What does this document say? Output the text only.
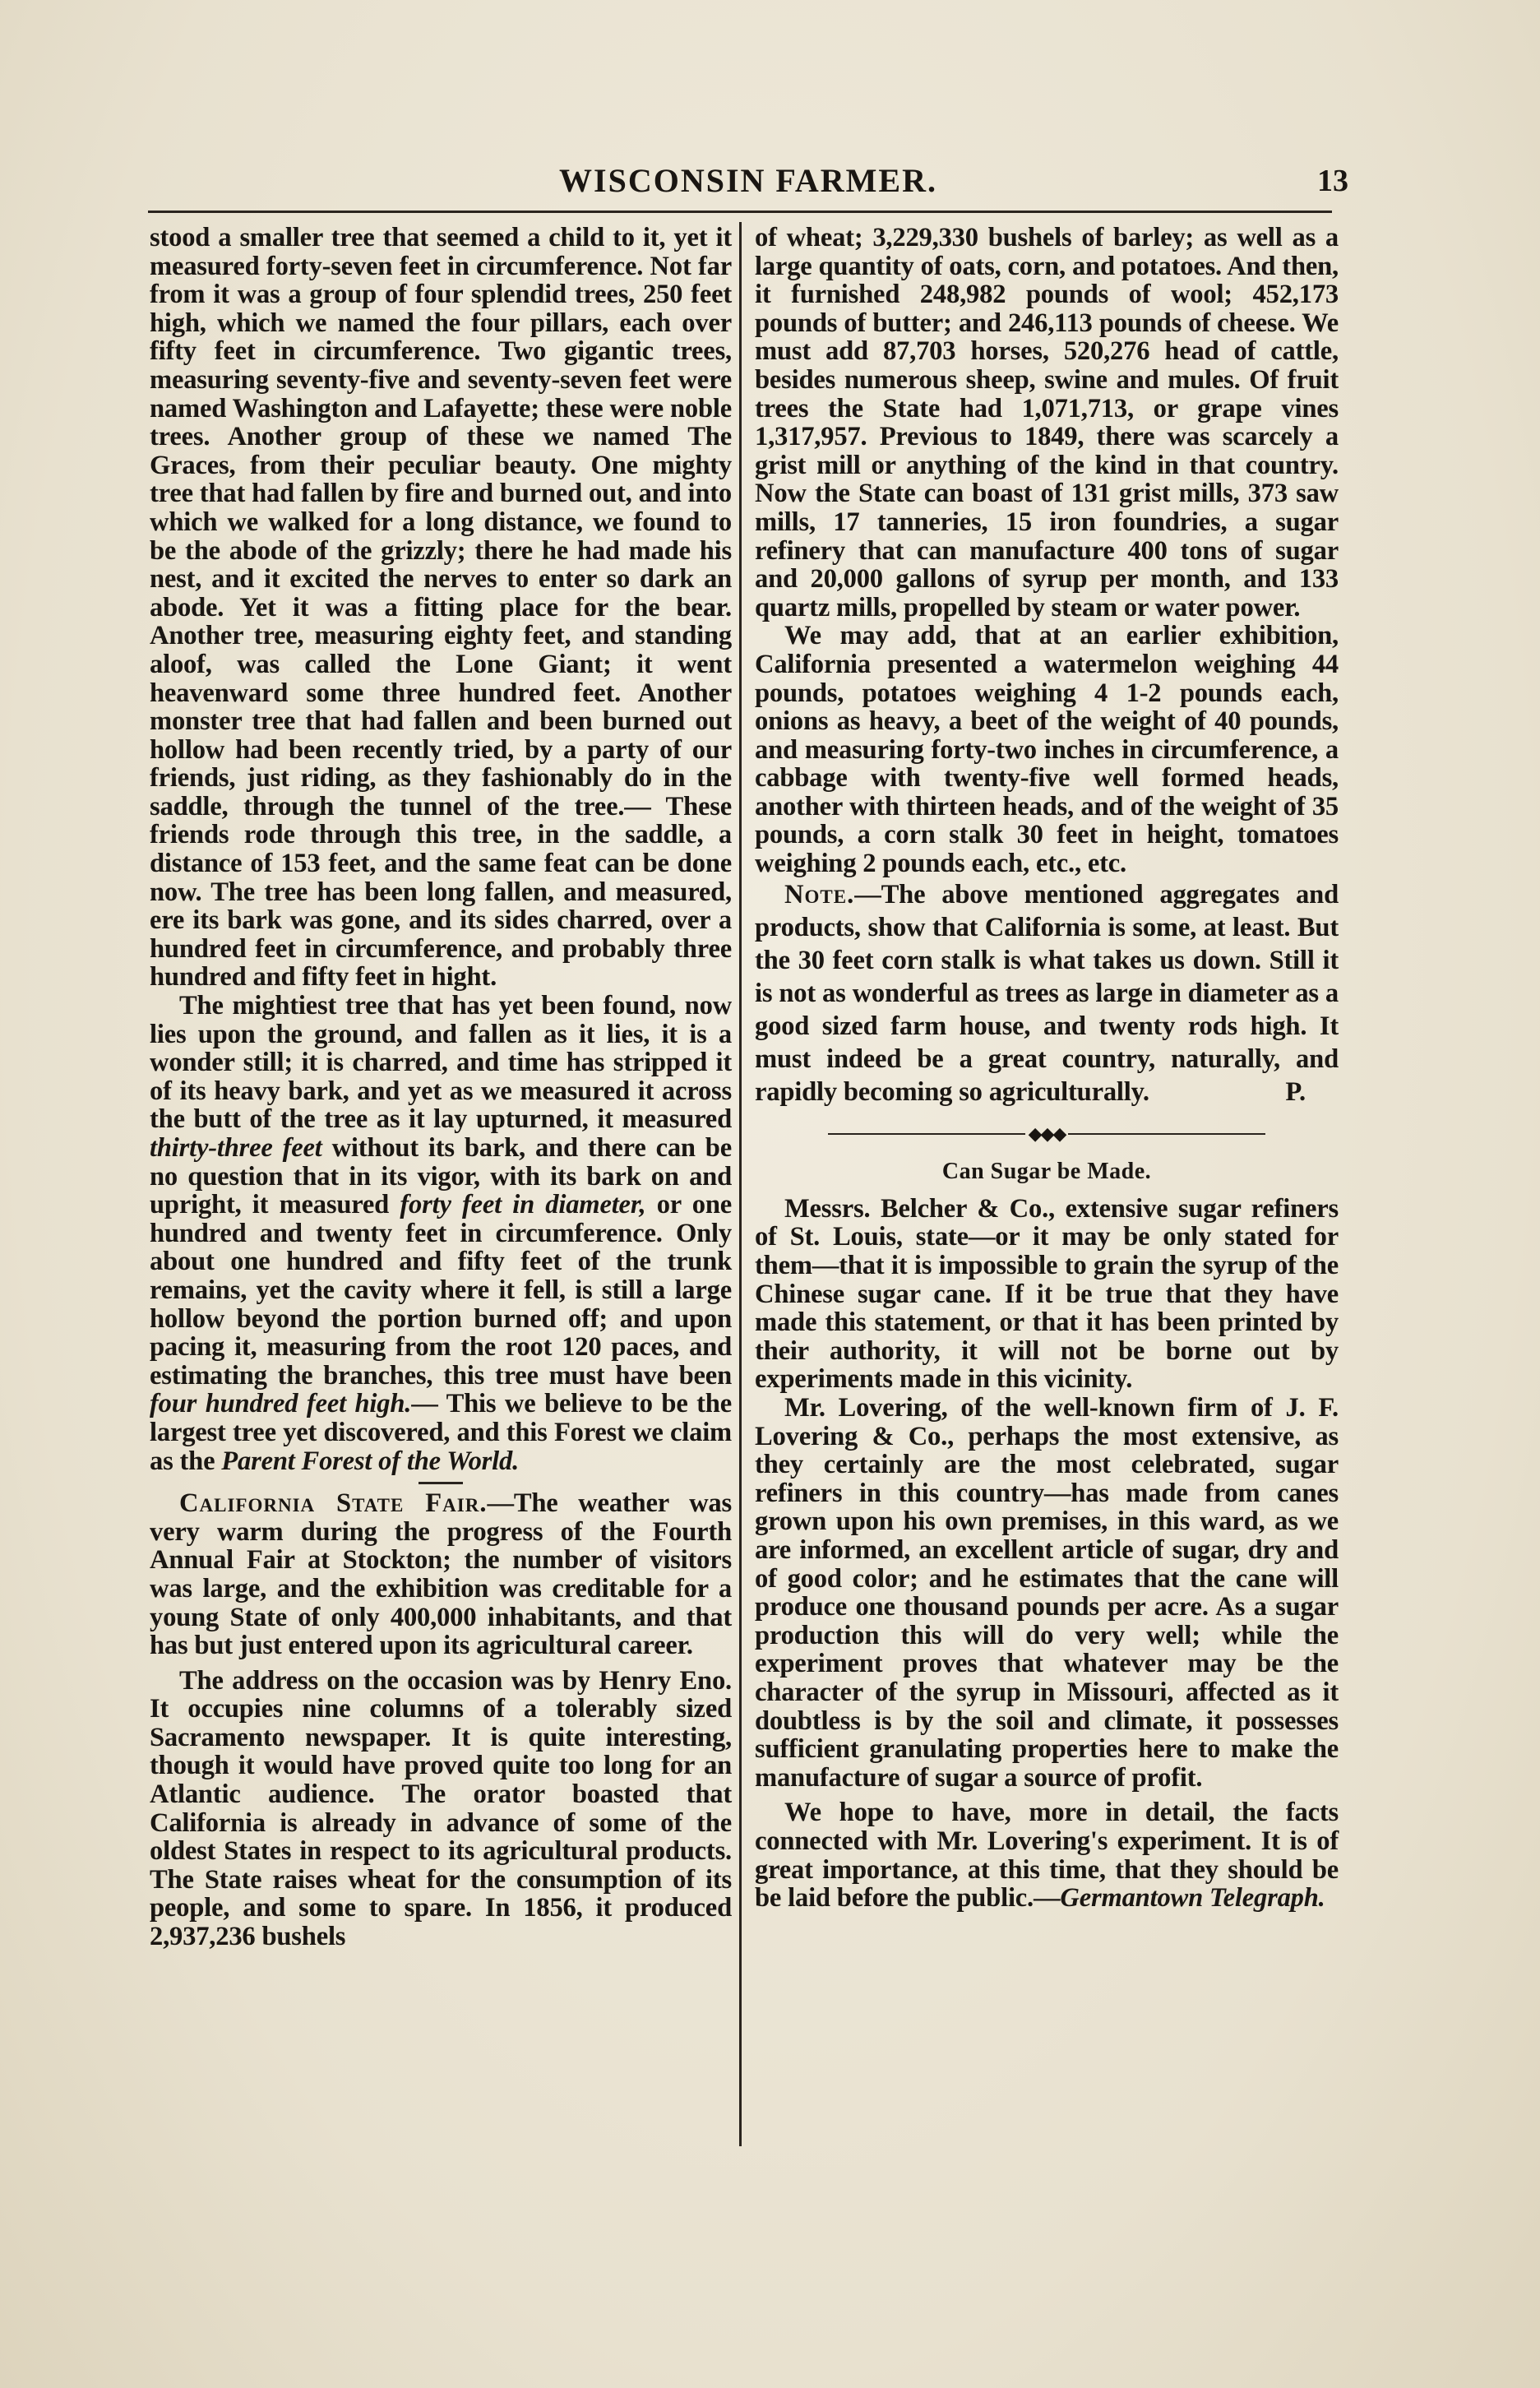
WISCONSIN FARMER.	13

stood a smaller tree that seemed a child to it, yet it measured forty-seven feet in circumference. Not far from it was a group of four splendid trees, 250 feet high, which we named the four pillars, each over fifty feet in circumference. Two gigantic trees, measuring seventy-five and seventy-seven feet were named Washington and Lafayette; these were noble trees. Another group of these we named The Graces, from their peculiar beauty. One mighty tree that had fallen by fire and burned out, and into which we walked for a long distance, we found to be the abode of the grizzly; there he had made his nest, and it excited the nerves to enter so dark an abode. Yet it was a fitting place for the bear. Another tree, measuring eighty feet, and standing aloof, was called the Lone Giant; it went heavenward some three hundred feet. Another monster tree that had fallen and been burned out hollow had been recently tried, by a party of our friends, just riding, as they fashionably do in the saddle, through the tunnel of the tree.— These friends rode through this tree, in the saddle, a distance of 153 feet, and the same feat can be done now. The tree has been long fallen, and measured, ere its bark was gone, and its sides charred, over a hundred feet in circumference, and probably three hundred and fifty feet in hight.

The mightiest tree that has yet been found, now lies upon the ground, and fallen as it lies, it is a wonder still; it is charred, and time has stripped it of its heavy bark, and yet as we measured it across the butt of the tree as it lay upturned, it measured thirty-three feet without its bark, and there can be no question that in its vigor, with its bark on and upright, it measured forty feet in diameter, or one hundred and twenty feet in circumference. Only about one hundred and fifty feet of the trunk remains, yet the cavity where it fell, is still a large hollow beyond the portion burned off; and upon pacing it, measuring from the root 120 paces, and estimating the branches, this tree must have been four hundred feet high.— This we believe to be the largest tree yet discovered, and this Forest we claim as the Parent Forest of the World.

California State Fair.—The weather was very warm during the progress of the Fourth Annual Fair at Stockton; the number of visitors was large, and the exhibition was creditable for a young State of only 400,000 inhabitants, and that has but just entered upon its agricultural career.

The address on the occasion was by Henry Eno. It occupies nine columns of a tolerably sized Sacramento newspaper. It is quite interesting, though it would have proved quite too long for an Atlantic audience. The orator boasted that California is already in advance of some of the oldest States in respect to its agricultural products. The State raises wheat for the consumption of its people, and some to spare. In 1856, it produced 2,937,236 bushels

of wheat; 3,229,330 bushels of barley; as well as a large quantity of oats, corn, and potatoes. And then, it furnished 248,982 pounds of wool; 452,173 pounds of butter; and 246,113 pounds of cheese. We must add 87,703 horses, 520,276 head of cattle, besides numerous sheep, swine and mules. Of fruit trees the State had 1,071,713, or grape vines 1,317,957. Previous to 1849, there was scarcely a grist mill or anything of the kind in that country. Now the State can boast of 131 grist mills, 373 saw mills, 17 tanneries, 15 iron foundries, a sugar refinery that can manufacture 400 tons of sugar and 20,000 gallons of syrup per month, and 133 quartz mills, propelled by steam or water power.

We may add, that at an earlier exhibition, California presented a watermelon weighing 44 pounds, potatoes weighing 4 1-2 pounds each, onions as heavy, a beet of the weight of 40 pounds, and measuring forty-two inches in circumference, a cabbage with twenty-five well formed heads, another with thirteen heads, and of the weight of 35 pounds, a corn stalk 30 feet in height, tomatoes weighing 2 pounds each, etc., etc.

Note.—The above mentioned aggregates and products, show that California is some, at least. But the 30 feet corn stalk is what takes us down. Still it is not as wonderful as trees as large in diameter as a good sized farm house, and twenty rods high. It must indeed be a great country, naturally, and rapidly becoming so agriculturally.	P.

◆◆◆
Can Sugar be Made.

Messrs. Belcher & Co., extensive sugar refiners of St. Louis, state—or it may be only stated for them—that it is impossible to grain the syrup of the Chinese sugar cane. If it be true that they have made this statement, or that it has been printed by their authority, it will not be borne out by experiments made in this vicinity.

Mr. Lovering, of the well-known firm of J. F. Lovering & Co., perhaps the most extensive, as they certainly are the most celebrated, sugar refiners in this country—has made from canes grown upon his own premises, in this ward, as we are informed, an excellent article of sugar, dry and of good color; and he estimates that the cane will produce one thousand pounds per acre. As a sugar production this will do very well; while the experiment proves that whatever may be the character of the syrup in Missouri, affected as it doubtless is by the soil and climate, it possesses sufficient granulating properties here to make the manufacture of sugar a source of profit.

We hope to have, more in detail, the facts connected with Mr. Lovering's experiment. It is of great importance, at this time, that they should be be laid before the public.—Germantown Telegraph.
